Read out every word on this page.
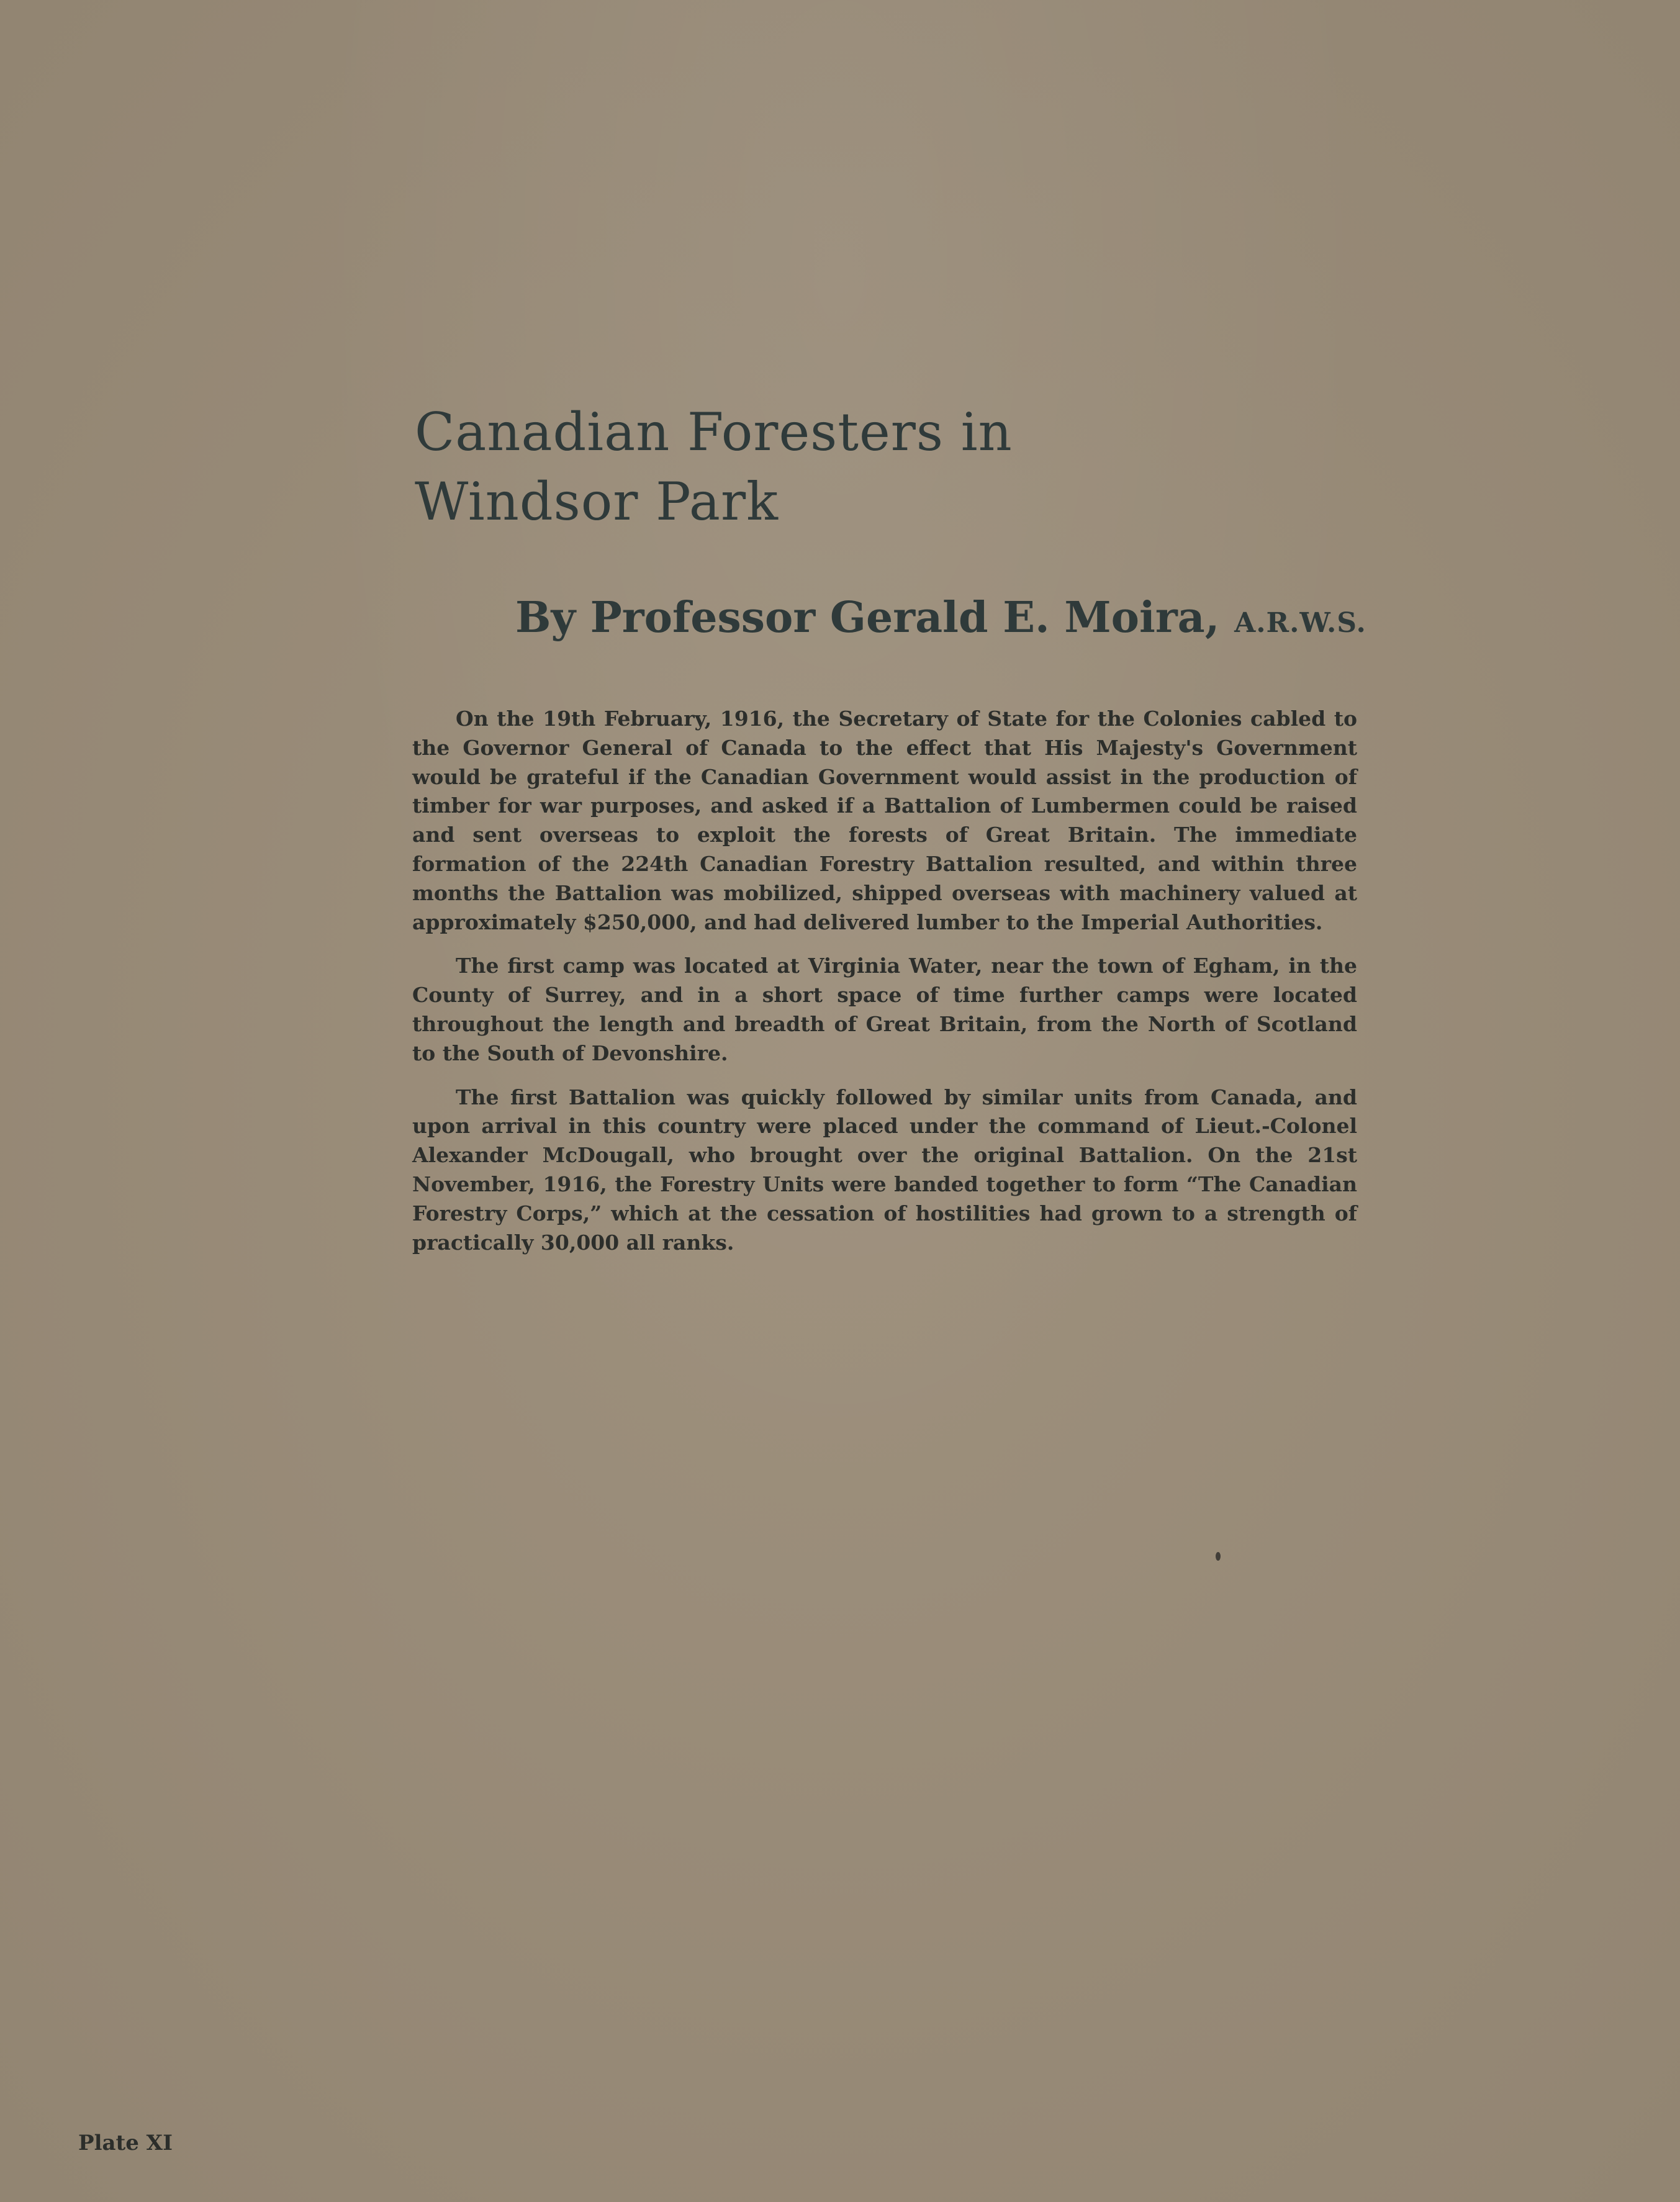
Canadian Foresters in
Windsor Park
By Professor Gerald E. Moira, A.R.W.S.

On the 19th February, 1916, the Secretary of State for the Colonies cabled to the Governor General of Canada to the effect that His Majesty's Government would be grateful if the Canadian Government would assist in the production of timber for war purposes, and asked if a Battalion of Lumbermen could be raised and sent overseas to exploit the forests of Great Britain. The immediate formation of the 224th Canadian Forestry Battalion resulted, and within three months the Battalion was mobilized, shipped overseas with machinery valued at approximately $250,000, and had delivered lumber to the Imperial Authorities.

The first camp was located at Virginia Water, near the town of Egham, in the County of Surrey, and in a short space of time further camps were located throughout the length and breadth of Great Britain, from the North of Scotland to the South of Devonshire.

The first Battalion was quickly followed by similar units from Canada, and upon arrival in this country were placed under the command of Lieut.-Colonel Alexander McDougall, who brought over the original Battalion. On the 21st November, 1916, the Forestry Units were banded together to form “The Canadian Forestry Corps,” which at the cessation of hostilities had grown to a strength of practically 30,000 all ranks.

Plate XI
